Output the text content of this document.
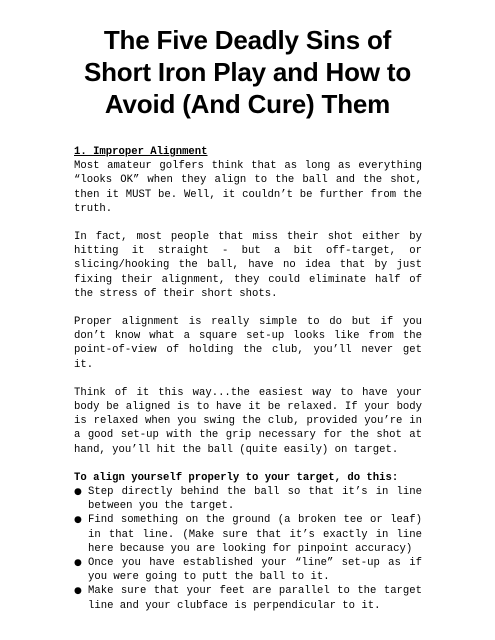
The Five Deadly Sins of
Short Iron Play and How to
Avoid (And Cure) Them

1. Improper Alignment

Most amateur golfers think that as long as everything “looks OK” when they align to the ball and the shot, then it MUST be. Well, it couldn’t be further from the truth.

In fact, most people that miss their shot either by hitting it straight - but a bit off-target, or slicing/hooking the ball, have no idea that by just fixing their alignment, they could eliminate half of the stress of their short shots.

Proper alignment is really simple to do but if you don’t know what a square set-up looks like from the point-of-view of holding the club, you’ll never get it.

Think of it this way...the easiest way to have your body be aligned is to have it be relaxed. If your body is relaxed when you swing the club, provided you’re in a good set-up with the grip necessary for the shot at hand, you’ll hit the ball (quite easily) on target.

To align yourself properly to your target, do this:

● Step directly behind the ball so that it’s in line between you the target.
● Find something on the ground (a broken tee or leaf) in that line. (Make sure that it’s exactly in line here because you are looking for pinpoint accuracy)
● Once you have established your “line” set-up as if you were going to putt the ball to it.
● Make sure that your feet are parallel to the target line and your clubface is perpendicular to it.
